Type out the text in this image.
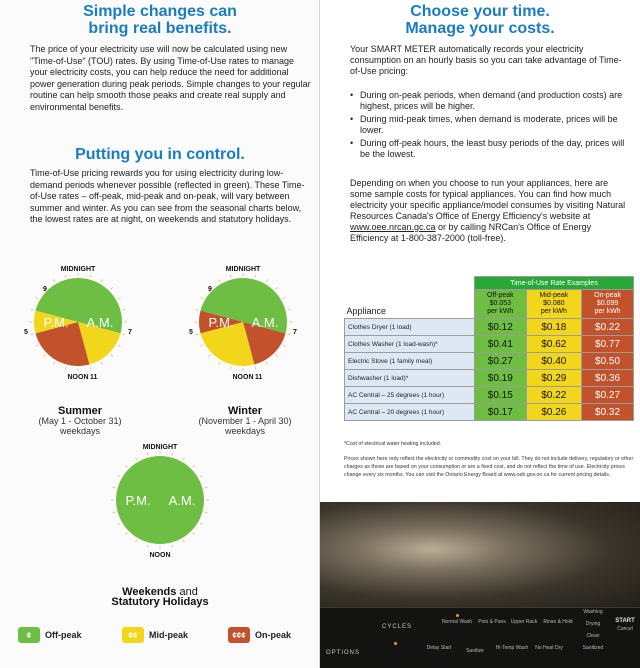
Simple changes can
bring real benefits.

The price of your electricity use will now be calculated using new "Time-of-Use" (TOU) rates. By using Time-of-Use rates to manage your electricity costs, you can help reduce the need for additional power generation during peak periods. Simple changes to your regular routine can help smooth those peaks and create real supply and environmental benefits.

Putting you in control.

Time-of-Use pricing rewards you for using electricity during low-demand periods whenever possible (reflected in green). These Time-of-Use rates – off-peak, mid-peak and on-peak, will vary between summer and winter. As you can see from the seasonal charts below, the lowest rates are at night, on weekends and statutory holidays.

MIDNIGHT
NOON
P.M. A.M.
9
7
5
11
Summer
(May 1 - October 31)
weekdays
MIDNIGHT
NOON
P.M. A.M.
9
7
5
11
Winter
(November 1 - April 30)
weekdays
MIDNIGHT
NOON
P.M. A.M.
Weekends and
Statutory Holidays
¢	Off-peak	¢¢	Mid-peak	¢¢¢	On-peak
Choose your time.
Manage your costs.

Your SMART METER automatically records your electricity consumption on an hourly basis so you can take advantage of Time-of-Use pricing:

• During on-peak periods, when demand (and production costs) are highest, prices will be higher.
• During mid-peak times, when demand is moderate, prices will be lower.
• During off-peak hours, the least busy periods of the day, prices will be the lowest.

Depending on when you choose to run your appliances, here are some sample costs for typical appliances. You can find how much electricity your specific appliance/model consumes by visiting Natural Resources Canada's Office of Energy Efficiency's website at www.oee.nrcan.gc.ca or by calling NRCan's Office of Energy Efficiency at 1-800-387-2000 (toll-free).

	Time-of-Use Rate Examples		
Appliance	Off-peak
$0.053
per kWh	Mid-peak
$0.080
per kWh	On-peak
$0.099
per kWh
Clothes Dryer (1 load)	$0.12	$0.18	$0.22
Clothes Washer (1 load-wash)*	$0.41	$0.62	$0.77
Electric Stove (1 family meal)	$0.27	$0.40	$0.50
Dishwasher (1 load)*	$0.19	$0.29	$0.36
AC Central – 25 degrees (1 hour)	$0.15	$0.22	$0.27
AC Central – 20 degrees (1 hour)	$0.17	$0.26	$0.32
*Cost of electrical water heating included.
Prices shown here only reflect the electricity or commodity cost on your bill. They do not include delivery, regulatory or other charges as those are based on your consumption or are a fixed cost, and do not reflect the time of use. Electricity prices change every six months. You can visit the Ontario Energy Board at www.oeb.gov.on.ca for current pricing details.
CYCLES
OPTIONS
Normal Wash	Pots & Pans Upper Rack Rinse & Hold
Delay Start	Sanitize	Hi-Temp Wash	No Heat Dry
Washing
Drying
Clean
Sanitized
START
Cancel
